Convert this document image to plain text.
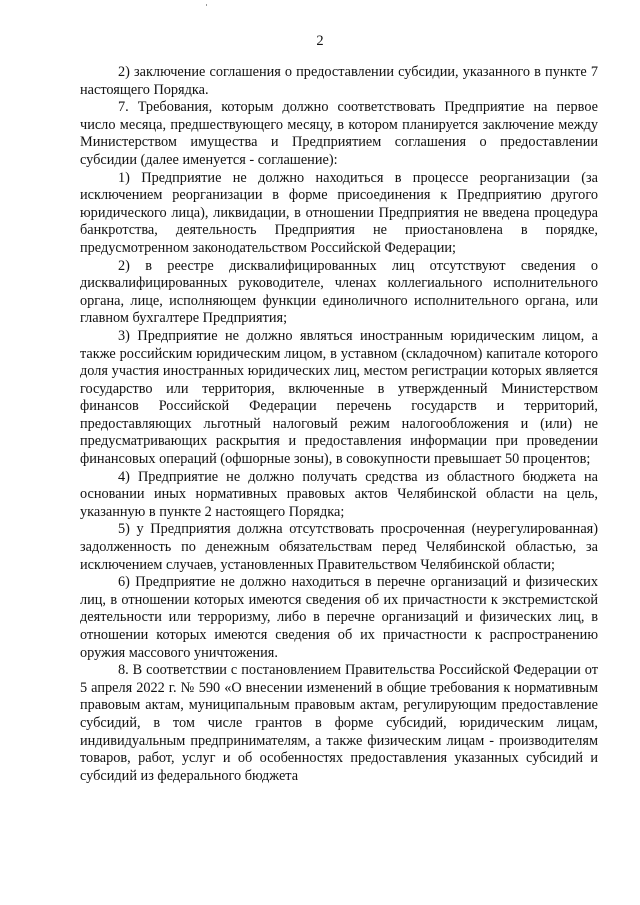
2

2) заключение соглашения о предоставлении субсидии, указанного в пункте 7 настоящего Порядка.

7. Требования, которым должно соответствовать Предприятие на первое число месяца, предшествующего месяцу, в котором планируется заключение между Министерством имущества и Предприятием соглашения о предоставлении субсидии (далее именуется - соглашение):

1) Предприятие не должно находиться в процессе реорганизации (за исключением реорганизации в форме присоединения к Предприятию другого юридического лица), ликвидации, в отношении Предприятия не введена процедура банкротства, деятельность Предприятия не приостановлена в порядке, предусмотренном законодательством Российской Федерации;

2) в реестре дисквалифицированных лиц отсутствуют сведения о дисквалифицированных руководителе, членах коллегиального исполнительного органа, лице, исполняющем функции единоличного исполнительного органа, или главном бухгалтере Предприятия;

3) Предприятие не должно являться иностранным юридическим лицом, а также российским юридическим лицом, в уставном (складочном) капитале которого доля участия иностранных юридических лиц, местом регистрации которых является государство или территория, включенные в утвержденный Министерством финансов Российской Федерации перечень государств и территорий, предоставляющих льготный налоговый режим налогообложения и (или) не предусматривающих раскрытия и предоставления информации при проведении финансовых операций (офшорные зоны), в совокупности превышает 50 процентов;

4) Предприятие не должно получать средства из областного бюджета на основании иных нормативных правовых актов Челябинской области на цель, указанную в пункте 2 настоящего Порядка;

5) у Предприятия должна отсутствовать просроченная (неурегулированная) задолженность по денежным обязательствам перед Челябинской областью, за исключением случаев, установленных Правительством Челябинской области;

6) Предприятие не должно находиться в перечне организаций и физических лиц, в отношении которых имеются сведения об их причастности к экстремистской деятельности или терроризму, либо в перечне организаций и физических лиц, в отношении которых имеются сведения об их причастности к распространению оружия массового уничтожения.

8. В соответствии с постановлением Правительства Российской Федерации от 5 апреля 2022 г. № 590 «О внесении изменений в общие требования к нормативным правовым актам, муниципальным правовым актам, регулирующим предоставление субсидий, в том числе грантов в форме субсидий, юридическим лицам, индивидуальным предпринимателям, а также физическим лицам - производителям товаров, работ, услуг и об особенностях предоставления указанных субсидий и субсидий из федерального бюджета
